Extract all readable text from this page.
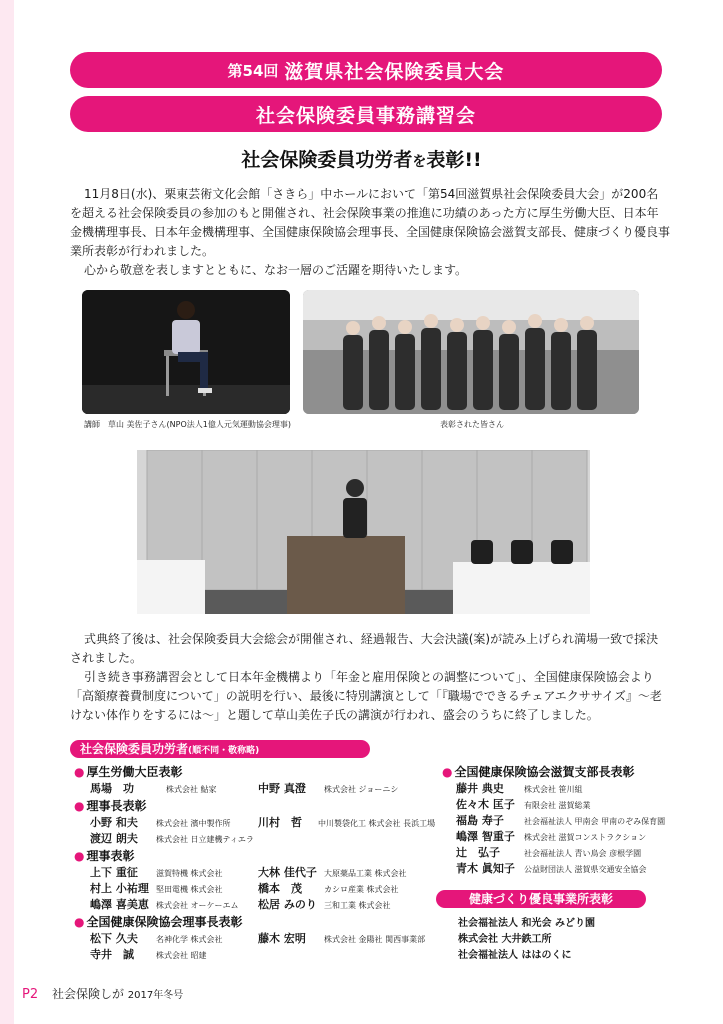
第54回 滋賀県社会保険委員大会
社会保険委員事務講習会
社会保険委員功労者を表彰!!

11月8日(水)、栗東芸術文化会館「さきら」中ホールにおいて「第54回滋賀県社会保険委員大会」が200名を超える社会保険委員の参加のもと開催され、社会保険事業の推進に功績のあった方に厚生労働大臣、日本年金機構理事長、日本年金機構理事、全国健康保険協会理事長、全国健康保険協会滋賀支部長、健康づくり優良事業所表彰が行われました。

心から敬意を表しますとともに、なお一層のご活躍を期待いたします。

講師　草山 美佐子さん(NPO法人1億人元気運動協会理事)	表彰された皆さん

式典終了後は、社会保険委員大会総会が開催され、経過報告、大会決議(案)が読み上げられ満場一致で採決されました。

引き続き事務講習会として日本年金機構より「年金と雇用保険との調整について」、全国健康保険協会より「高額療養費制度について」の説明を行い、最後に特別講演として「『職場でできるチェアエクササイズ』～老けない体作りをするには～」と題して草山美佐子氏の講演が行われ、盛会のうちに終了しました。

社会保険委員功労者(順不同・敬称略)
● 厚生労働大臣表彰
馬場　功	株式会社 鮎家	中野 真澄 株式会社 ジョーニシ
● 理事長表彰
小野 和夫 株式会社 濱中製作所 川村　哲 中川製袋化工 株式会社 長浜工場
渡辺 朗夫 株式会社 日立建機ティエラ
● 理事表彰
上下 重征 滋賀特機 株式会社	大林 佳代子 大原薬品工業 株式会社
村上 小祐理 堅田電機 株式会社	橋本　茂	カシロ産業 株式会社
嶋澤 喜美恵 株式会社 オーケーエム 松居 みのり 三和工業 株式会社
● 全国健康保険協会理事長表彰
松下 久夫 名神化学 株式会社	藤木 宏明 株式会社 金陽社 関西事業部
寺井　誠	株式会社 昭建
● 全国健康保険協会滋賀支部長表彰
藤井 典史	株式会社 笹川組
佐々木 匡子 有限会社 滋賀総業
福島 寿子	社会福祉法人 甲南会 甲南のぞみ保育園
嶋澤 智重子 株式会社 滋賀コンストラクション
辻　弘子	社会福祉法人 青い鳥会 彦根学園
青木 眞知子 公益財団法人 滋賀県交通安全協会
健康づくり優良事業所表彰
社会福祉法人 和光会 みどり園
株式会社 大井鉄工所
社会福祉法人 ははのくに
P2 社会保険しが 2017年冬号
